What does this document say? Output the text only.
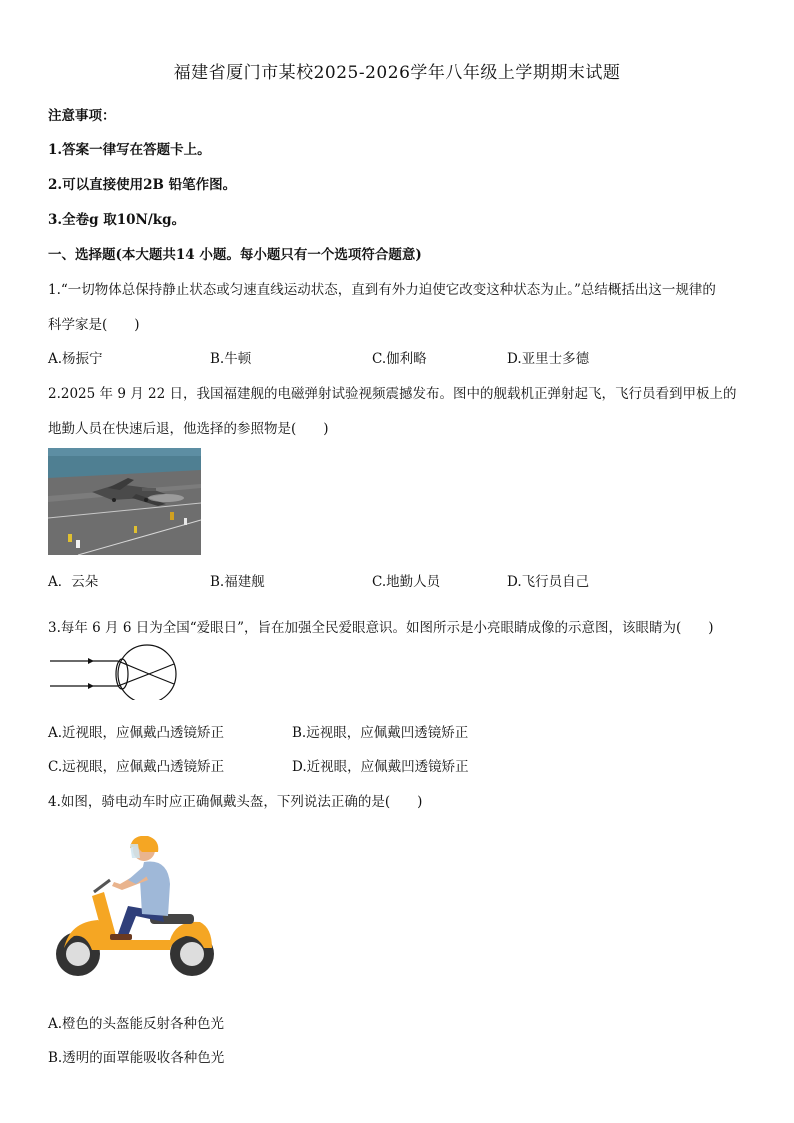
福建省厦门市某校2025-2026学年八年级上学期期末试题
注意事项：
1.答案一律写在答题卡上。
2.可以直接使用2B 铅笔作图。
3.全卷g 取10N/kg。
一、选择题(本大题共14 小题。每小题只有一个选项符合题意)
1.“一切物体总保持静止状态或匀速直线运动状态，直到有外力迫使它改变这种状态为止。”总结概括出这一规律的
科学家是(　　)
A.杨振宁	B.牛顿	C.伽利略	D.亚里士多德
2.2025 年 9 月 22 日，我国福建舰的电磁弹射试验视频震撼发布。图中的舰载机正弹射起飞，飞行员看到甲板上的
地勤人员在快速后退，他选择的参照物是(　　)
A．云朵	B.福建舰	C.地勤人员	D.飞行员自己
3.每年 6 月 6 日为全国“爱眼日”，旨在加强全民爱眼意识。如图所示是小亮眼睛成像的示意图，该眼睛为(　　)
A.近视眼，应佩戴凸透镜矫正	B.远视眼，应佩戴凹透镜矫正
C.远视眼，应佩戴凸透镜矫正	D.近视眼，应佩戴凹透镜矫正
4.如图，骑电动车时应正确佩戴头盔，下列说法正确的是(　　)
A.橙色的头盔能反射各种色光
B.透明的面罩能吸收各种色光
